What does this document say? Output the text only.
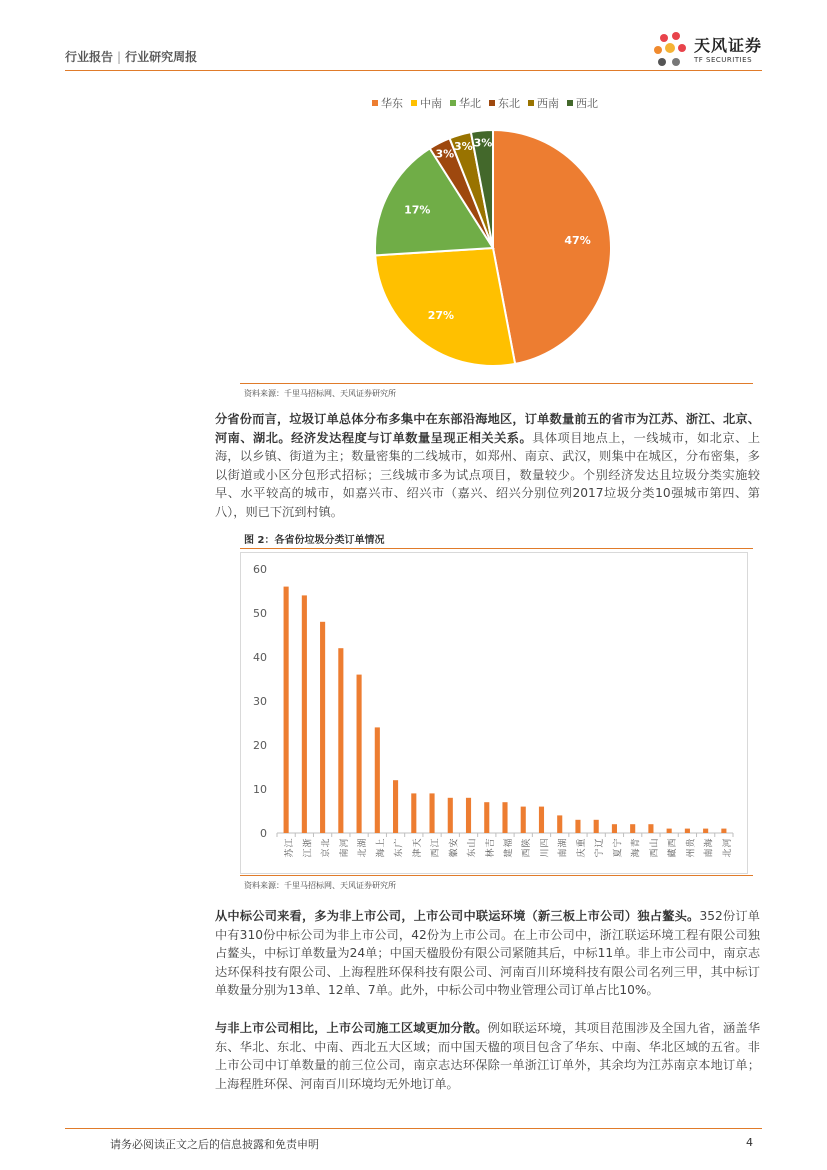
行业报告 | 行业研究周报
天风证券
TF SECURITIES
华东 中南 华北 东北 西南 西北
47%
27%
17%
3%
3% 3%
资料来源：千里马招标网、天风证券研究所
分省份而言，垃圾订单总体分布多集中在东部沿海地区，订单数量前五的省市为江苏、浙江、北京、河南、湖北。经济发达程度与订单数量呈现正相关关系。具体项目地点上，一线城市，如北京、上海，以乡镇、街道为主；数量密集的二线城市，如郑州、南京、武汉，则集中在城区，分布密集，多以街道或小区分包形式招标；三线城市多为试点项目，数量较少。个别经济发达且垃圾分类实施较早、水平较高的城市，如嘉兴市、绍兴市（嘉兴、绍兴分别位列2017垃圾分类10强城市第四、第八），则已下沉到村镇。
图 2：各省份垃圾分类订单情况
0
10
20
30
40
50
60
江
苏
浙
江
北
京
河
南
湖
北
上
海
广
东
天
津
江
西
安
徽
山
东
吉
林
福
建
陕
西
四
川
湖
南
重
庆
辽
宁
宁
夏
青
海
山
西
西
藏
贵
州
海
南
河
北
资料来源：千里马招标网、天风证券研究所
从中标公司来看，多为非上市公司，上市公司中联运环境（新三板上市公司）独占鳌头。352份订单中有310份中标公司为非上市公司，42份为上市公司。在上市公司中，浙江联运环境工程有限公司独占鳌头，中标订单数量为24单；中国天楹股份有限公司紧随其后，中标11单。非上市公司中，南京志达环保科技有限公司、上海程胜环保科技有限公司、河南百川环境科技有限公司名列三甲，其中标订单数量分别为13单、12单、7单。此外，中标公司中物业管理公司订单占比10%。
与非上市公司相比，上市公司施工区域更加分散。例如联运环境，其项目范围涉及全国九省，涵盖华东、华北、东北、中南、西北五大区域；而中国天楹的项目包含了华东、中南、华北区域的五省。非上市公司中订单数量的前三位公司，南京志达环保除一单浙江订单外，其余均为江苏南京本地订单；上海程胜环保、河南百川环境均无外地订单。
请务必阅读正文之后的信息披露和免责申明	4
